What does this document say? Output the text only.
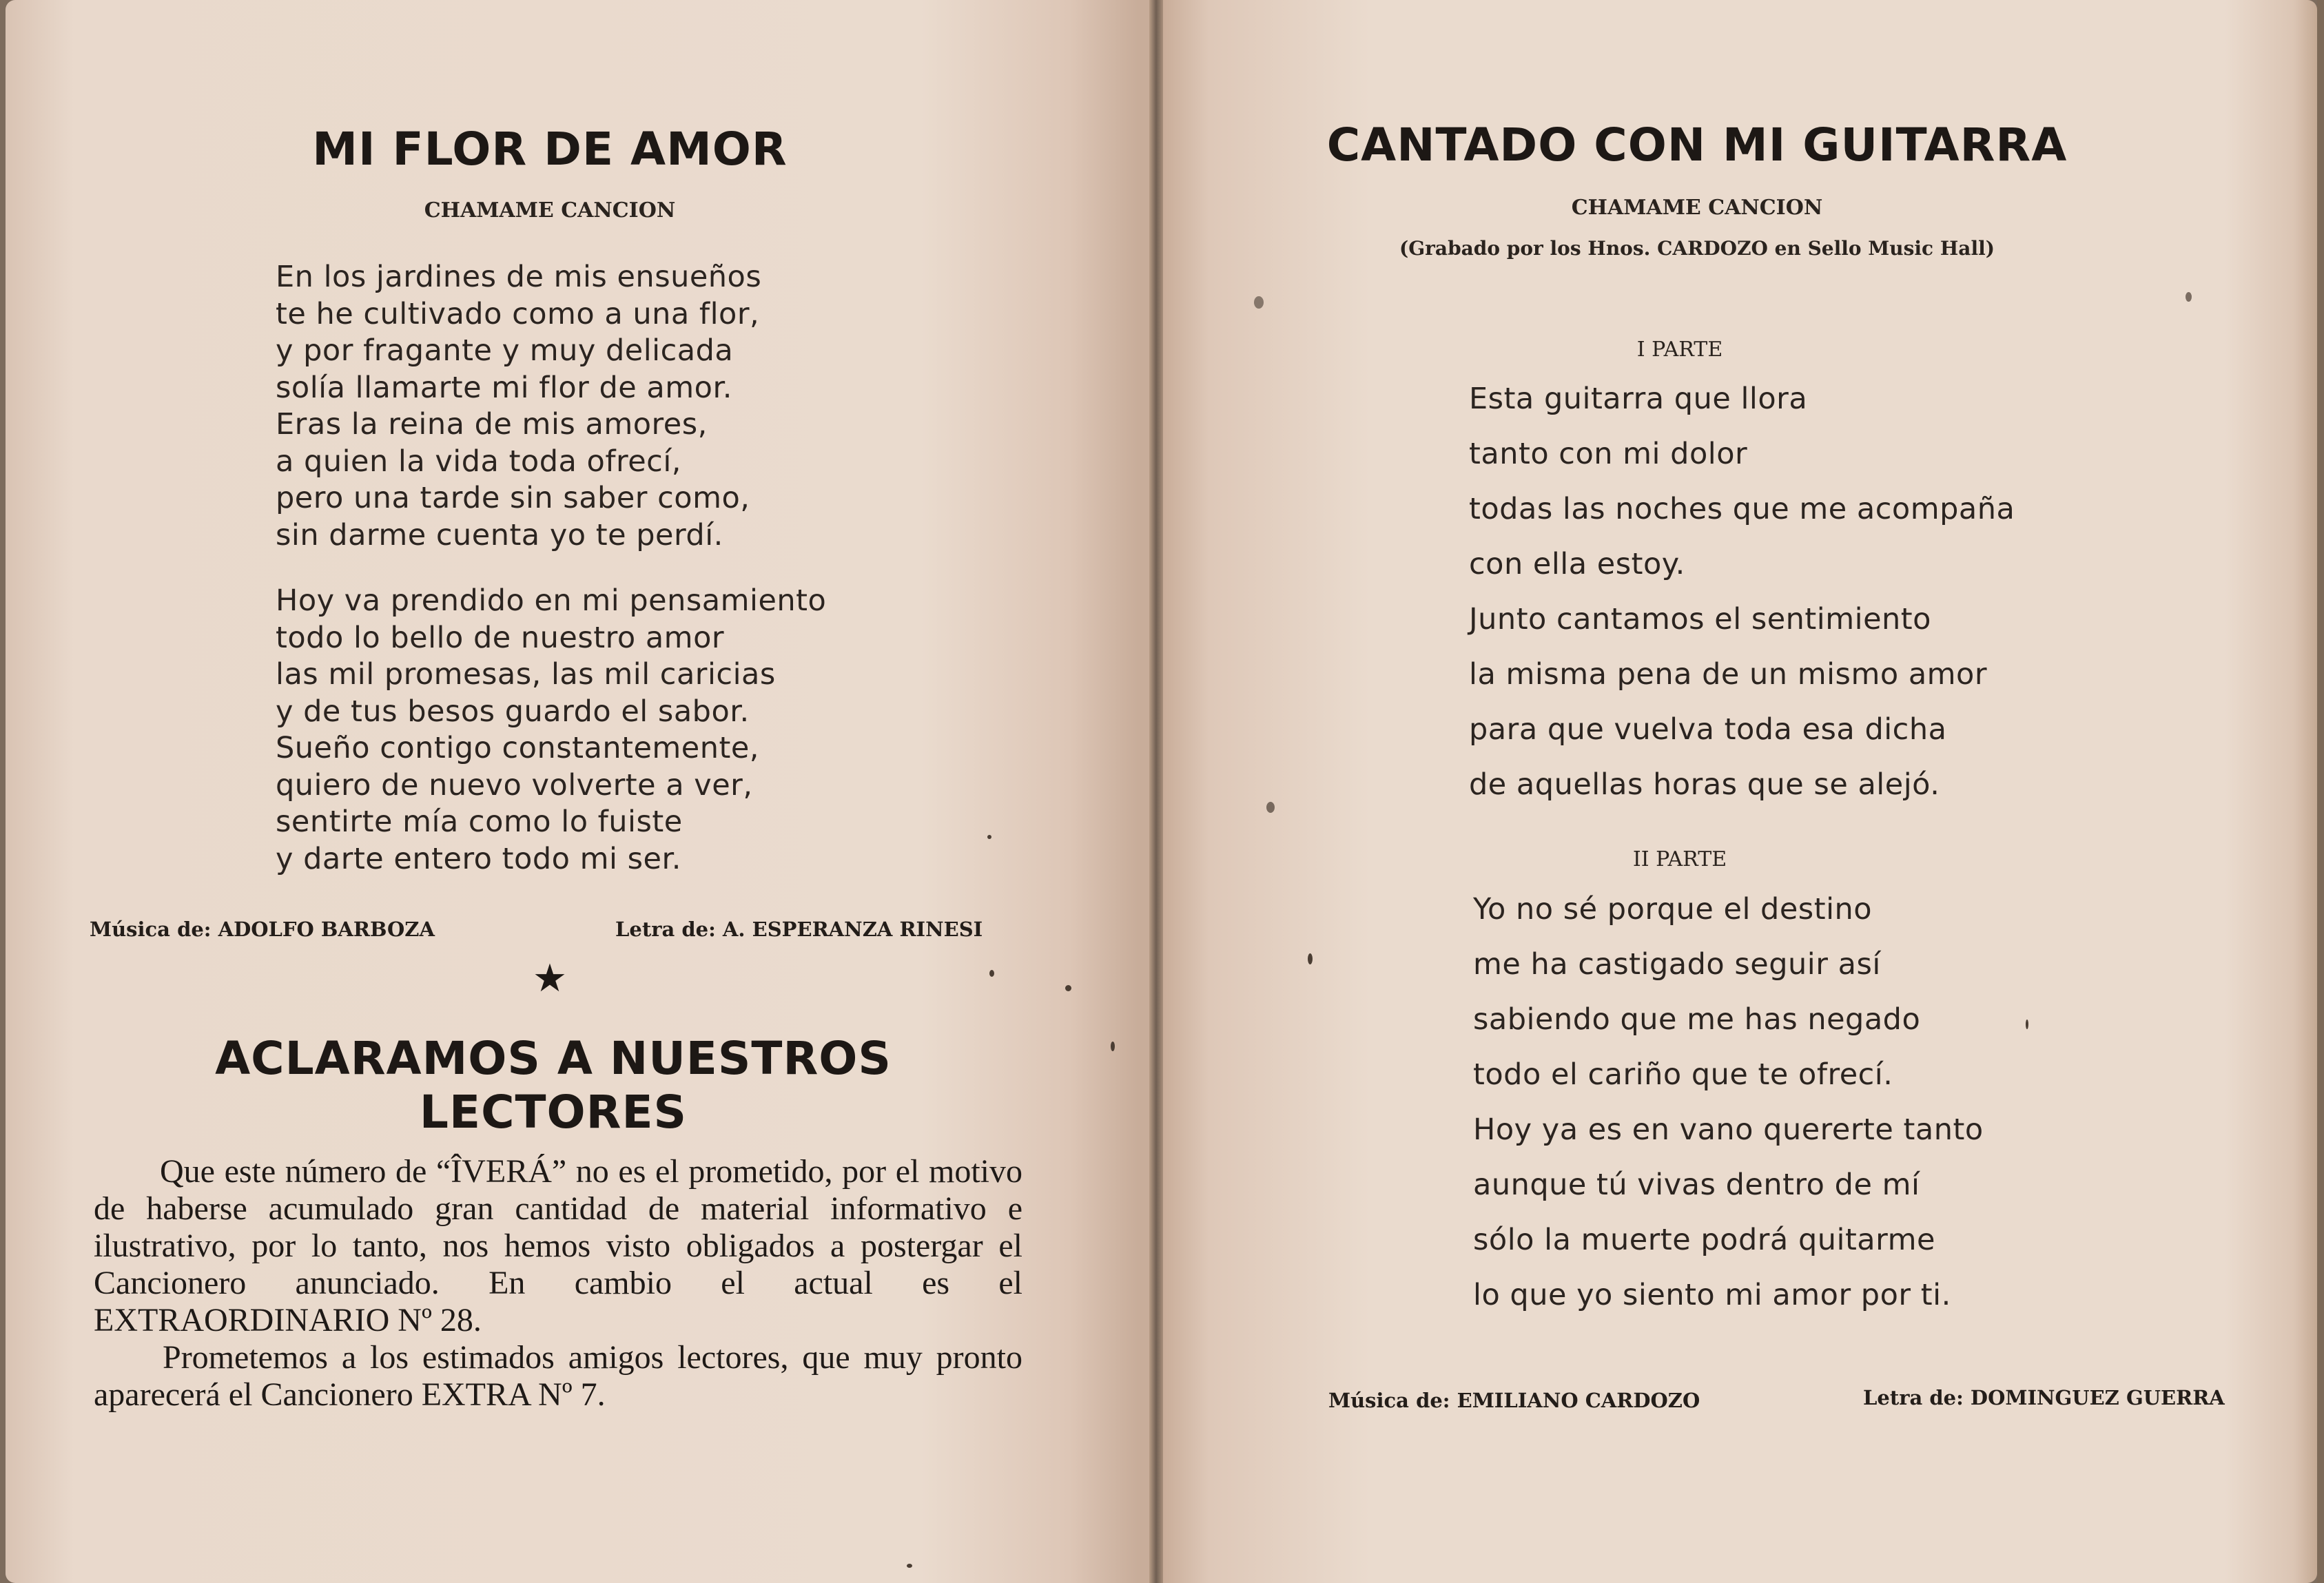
MI FLOR DE AMOR
CHAMAME CANCION
En los jardines de mis ensueños
te he cultivado como a una flor,
y por fragante y muy delicada
solía llamarte mi flor de amor.
Eras la reina de mis amores,
a quien la vida toda ofrecí,
pero una tarde sin saber como,
sin darme cuenta yo te perdí.
Hoy va prendido en mi pensamiento
todo lo bello de nuestro amor
las mil promesas, las mil caricias
y de tus besos guardo el sabor.
Sueño contigo constantemente,
quiero de nuevo volverte a ver,
sentirte mía como lo fuiste
y darte entero todo mi ser.
Música de: ADOLFO BARBOZA	Letra de: A. ESPERANZA RINESI
★
ACLARAMOS A NUESTROS
LECTORES

Que este número de “ÎVERÁ” no es el prometido, por el motivo de haberse acumulado gran cantidad de material informativo e ilustrativo, por lo tanto, nos hemos visto obligados a postergar el Cancionero anunciado. En cambio el actual es el EXTRAORDINARIO Nº 28.

Prometemos a los estimados amigos lectores, que muy pronto aparecerá el Cancionero EXTRA Nº 7.

CANTADO CON MI GUITARRA
CHAMAME CANCION
(Grabado por los Hnos. CARDOZO en Sello Music Hall)
I PARTE
Esta guitarra que llora
tanto con mi dolor
todas las noches que me acompaña
con ella estoy.
Junto cantamos el sentimiento
la misma pena de un mismo amor
para que vuelva toda esa dicha
de aquellas horas que se alejó.
II PARTE
Yo no sé porque el destino
me ha castigado seguir así
sabiendo que me has negado
todo el cariño que te ofrecí.
Hoy ya es en vano quererte tanto
aunque tú vivas dentro de mí
sólo la muerte podrá quitarme
lo que yo siento mi amor por ti.
Música de: EMILIANO CARDOZO	Letra de: DOMINGUEZ GUERRA
